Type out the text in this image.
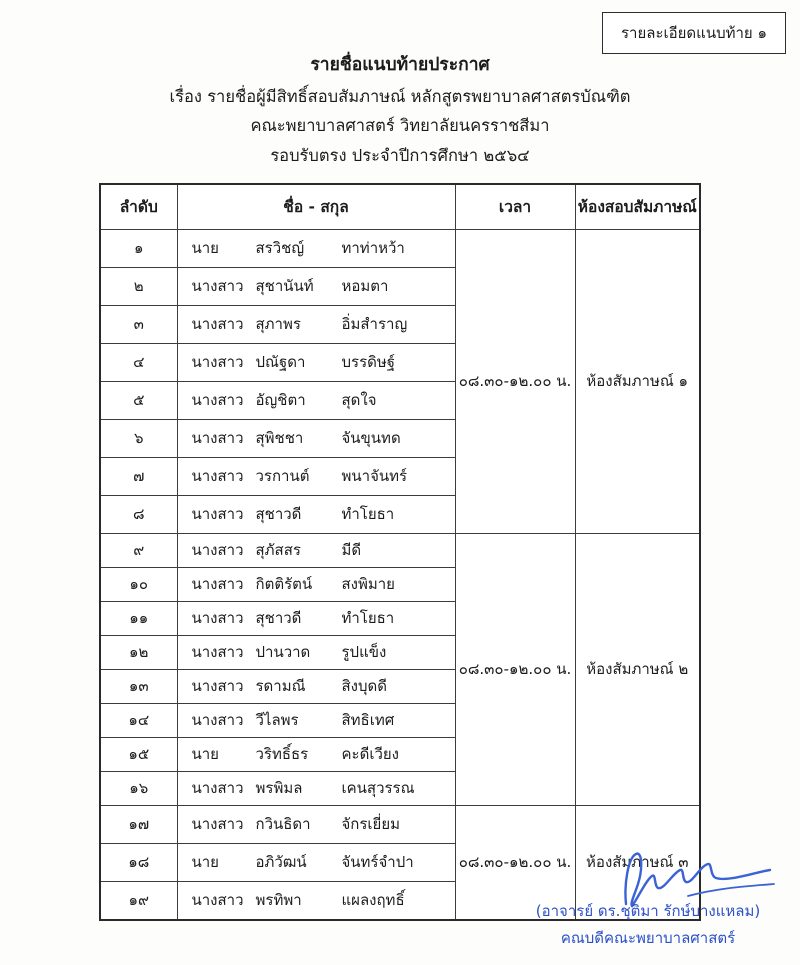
รายละเอียดแนบท้าย ๑
รายชื่อแนบท้ายประกาศ
เรื่อง รายชื่อผู้มีสิทธิ์สอบสัมภาษณ์ หลักสูตรพยาบาลศาสตรบัณฑิต
คณะพยาบาลศาสตร์ วิทยาลัยนครราชสีมา
รอบรับตรง ประจำปีการศึกษา ๒๕๖๔
ลำดับ	ชื่อ - สกุล	เวลา	ห้องสอบสัมภาษณ์
๑	นาย สรวิชญ์ ทาท่าหว้า	๐๘.๓๐-๑๒.๐๐ น.	ห้องสัมภาษณ์ ๑
๒	นางสาว สุชานันท์ หอมตา		
๓	นางสาว สุภาพร อิ่มสำราญ		
๔	นางสาว ปณัฐดา บรรดิษฐ์		
๕	นางสาว อัญชิตา สุดใจ		
๖	นางสาว สุพิชชา จันขุนทด		
๗	นางสาว วรกานต์ พนาจันทร์		
๘	นางสาว สุชาวดี ทำโยธา		
๙	นางสาว สุภัสสร มีดี	๐๘.๓๐-๑๒.๐๐ น.	ห้องสัมภาษณ์ ๒
๑๐	นางสาว กิตติรัตน์ สงพิมาย		
๑๑	นางสาว สุชาวดี ทำโยธา		
๑๒	นางสาว ปานวาด รูปแข็ง		
๑๓	นางสาว รดามณี สิงบุดดี		
๑๔	นางสาว วีไลพร สิทธิเทศ		
๑๕	นาย วริทธิ์ธร คะดีเวียง		
๑๖	นางสาว พรพิมล เคนสุวรรณ		
๑๗	นางสาว กวินธิดา จักรเยี่ยม	๐๘.๓๐-๑๒.๐๐ น.	ห้องสัมภาษณ์ ๓
๑๘	นาย อภิวัฒน์ จันทร์จำปา		
๑๙	นางสาว พรทิพา แผลงฤทธิ์		
(อาจารย์ ดร.ชุติมา รักษ์บางแหลม)
คณบดีคณะพยาบาลศาสตร์
